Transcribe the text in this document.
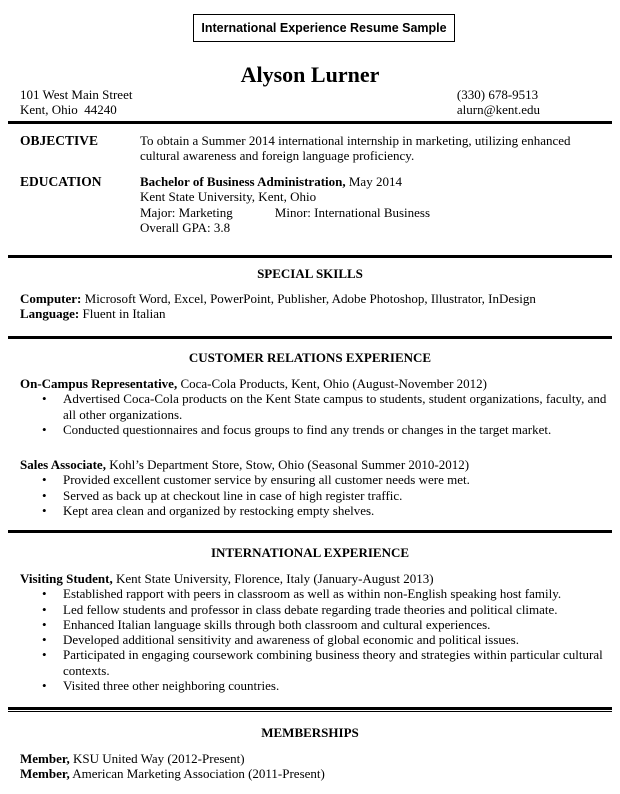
International Experience Resume Sample
Alyson Lurner
101 West Main Street
Kent, Ohio  44240
(330) 678-9513
alurn@kent.edu
OBJECTIVE	To obtain a Summer 2014 international internship in marketing, utilizing enhanced cultural awareness and foreign language proficiency.
EDUCATION	Bachelor of Business Administration, May 2014
Kent State University, Kent, Ohio
Major: Marketing	Minor: International Business
Overall GPA: 3.8
SPECIAL SKILLS
Computer: Microsoft Word, Excel, PowerPoint, Publisher, Adobe Photoshop, Illustrator, InDesign
Language: Fluent in Italian
CUSTOMER RELATIONS EXPERIENCE
On-Campus Representative, Coca-Cola Products, Kent, Ohio (August-November 2012)
• Advertised Coca-Cola products on the Kent State campus to students, student organizations, faculty, and all other organizations.
• Conducted questionnaires and focus groups to find any trends or changes in the target market.
Sales Associate, Kohl’s Department Store, Stow, Ohio (Seasonal Summer 2010-2012)
• Provided excellent customer service by ensuring all customer needs were met.
• Served as back up at checkout line in case of high register traffic.
• Kept area clean and organized by restocking empty shelves.
INTERNATIONAL EXPERIENCE
Visiting Student, Kent State University, Florence, Italy (January-August 2013)
• Established rapport with peers in classroom as well as within non-English speaking host family.
• Led fellow students and professor in class debate regarding trade theories and political climate.
• Enhanced Italian language skills through both classroom and cultural experiences.
• Developed additional sensitivity and awareness of global economic and political issues.
• Participated in engaging coursework combining business theory and strategies within particular cultural contexts.
• Visited three other neighboring countries.
MEMBERSHIPS
Member, KSU United Way (2012-Present)
Member, American Marketing Association (2011-Present)
